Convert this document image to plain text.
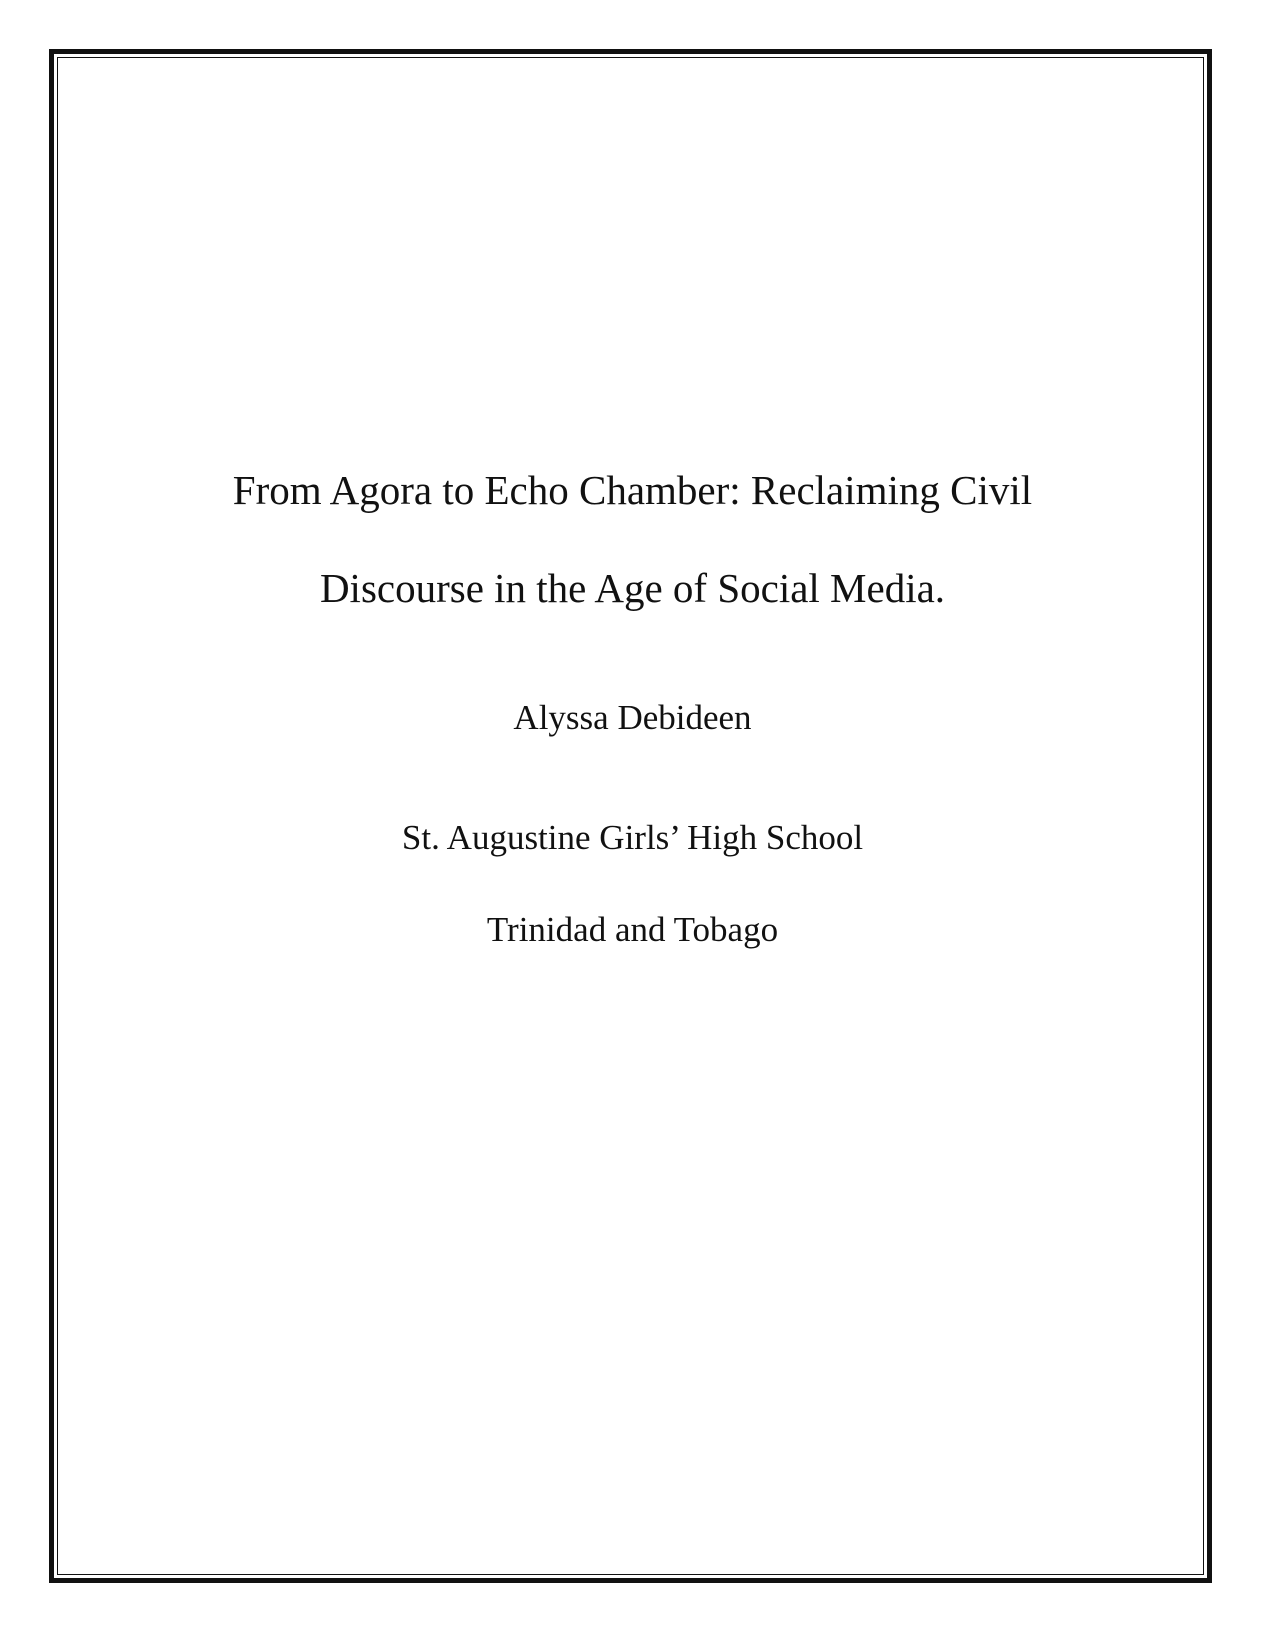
From Agora to Echo Chamber: Reclaiming Civil
Discourse in the Age of Social Media.
Alyssa Debideen
St. Augustine Girls’ High School
Trinidad and Tobago
